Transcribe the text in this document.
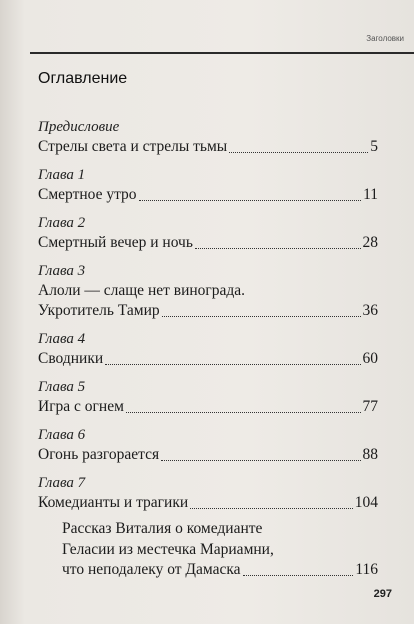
Заголовки
Оглавление
Предисловие
Стрелы света и стрелы тьмы	5
Глава 1
Смертное утро	11
Глава 2
Смертный вечер и ночь	28
Глава 3
Алоли — слаще нет винограда.
Укротитель Тамир	36
Глава 4
Сводники	60
Глава 5
Игра с огнем	77
Глава 6
Огонь разгорается	88
Глава 7
Комедианты и трагики	104
Рассказ Виталия о комедианте
Геласии из местечка Мариамни,
что неподалеку от Дамаска	116
297
